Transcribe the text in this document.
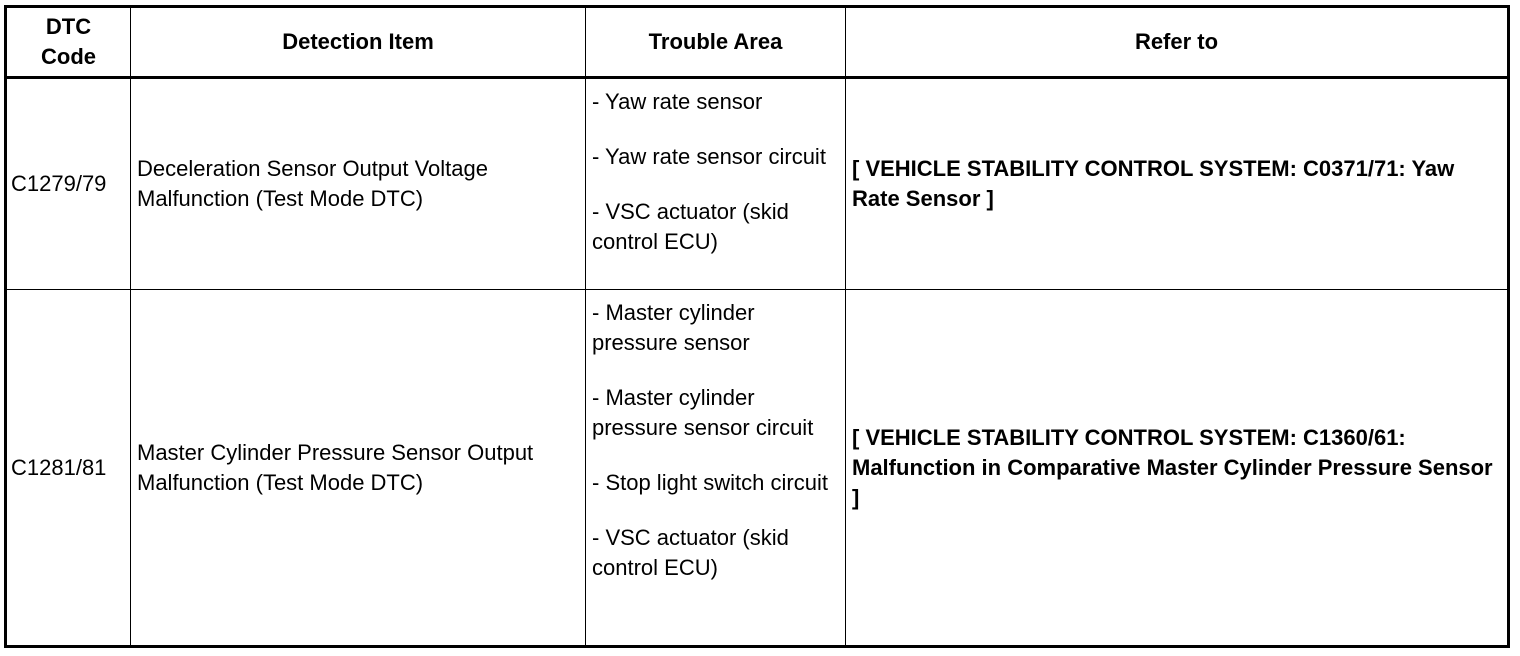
DTC Code	Detection Item	Trouble Area	Refer to
C1279/79	Deceleration Sensor Output Voltage Malfunction (Test Mode DTC)	- Yaw rate sensor
- Yaw rate sensor circuit
- VSC actuator (skid control ECU)	[ VEHICLE STABILITY CONTROL SYSTEM: C0371/71: Yaw Rate Sensor ]
C1281/81	Master Cylinder Pressure Sensor Output Malfunction (Test Mode DTC)	- Master cylinder pressure sensor
- Master cylinder pressure sensor circuit
- Stop light switch circuit
- VSC actuator (skid control ECU)	[ VEHICLE STABILITY CONTROL SYSTEM: C1360/61: Malfunction in Comparative Master Cylinder Pressure Sensor ]
